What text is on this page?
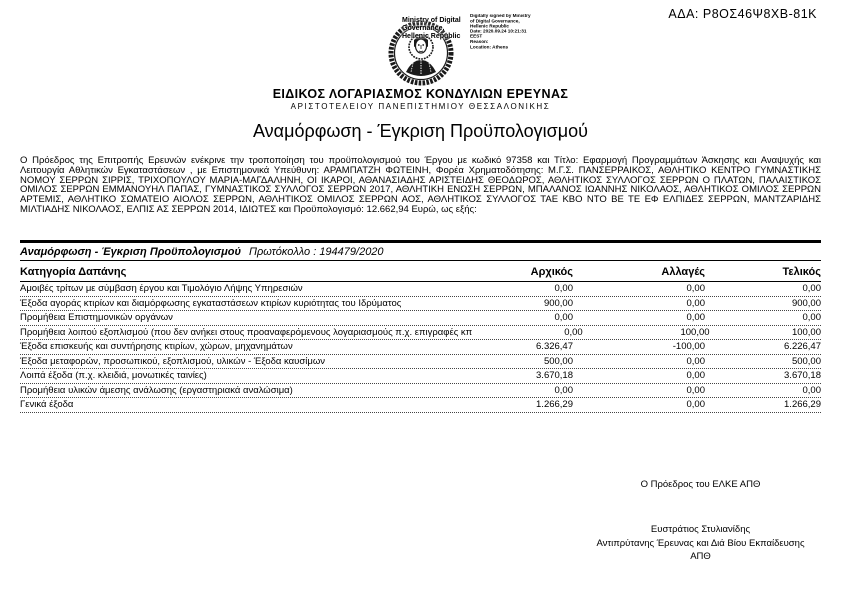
ΑΔΑ: Ρ8ΟΣ46Ψ8ΧΒ-81Κ
Ministry of Digital
Governance,
Hellenic Republic
Digitally signed by Ministry
of Digital Governance,
Hellenic Republic
Date: 2020.09.24 10:21:31
EEST
Reason:
Location: Athens
ΕΙΔΙΚΟΣ ΛΟΓΑΡΙΑΣΜΟΣ ΚΟΝΔΥΛΙΩΝ ΕΡΕΥΝΑΣ
ΑΡΙΣΤΟΤΕΛΕΙΟΥ ΠΑΝΕΠΙΣΤΗΜΙΟΥ ΘΕΣΣΑΛΟΝΙΚΗΣ
Αναμόρφωση - Έγκριση Προϋπολογισμού
Ο Πρόεδρος της Επιτροπής Ερευνών ενέκρινε την τροποποίηση του προϋπολογισμού του Έργου με κωδικό 97358 και Τίτλο: Εφαρμογή Προγραμμάτων Άσκησης και Αναψυχής και Λειτουργία Αθλητικών Εγκαταστάσεων , με Επιστημονικά Υπεύθυνη: ΑΡΑΜΠΑΤΖΗ ΦΩΤΕΙΝΗ, Φορέα Χρηματοδότησης: Μ.Γ.Σ. ΠΑΝΣΕΡΡΑΙΚΟΣ, ΑΘΛΗΤΙΚΟ ΚΕΝΤΡΟ ΓΥΜΝΑΣΤΙΚΗΣ ΝΟΜΟΥ ΣΕΡΡΩΝ ΣΙΡΡΙΣ, ΤΡΙΧΟΠΟΥΛΟΥ ΜΑΡΙΑ-ΜΑΓΔΑΛΗΝΗ, ΟΙ ΙΚΑΡΟΙ, ΑΘΑΝΑΣΙΑΔΗΣ ΑΡΙΣΤΕΙΔΗΣ ΘΕΟΔΩΡΟΣ, ΑΘΛΗΤΙΚΟΣ ΣΥΛΛΟΓΟΣ ΣΕΡΡΩΝ Ο ΠΛΑΤΩΝ, ΠΑΛΑΙΣΤΙΚΟΣ ΟΜΙΛΟΣ ΣΕΡΡΩΝ ΕΜΜΑΝΟΥΗΛ ΠΑΠΑΣ, ΓΥΜΝΑΣΤΙΚΟΣ ΣΥΛΛΟΓΟΣ ΣΕΡΡΩΝ 2017, ΑΘΛΗΤΙΚΗ ΕΝΩΣΗ ΣΕΡΡΩΝ, ΜΠΑΛΑΝΟΣ ΙΩΑΝΝΗΣ ΝΙΚΟΛΑΟΣ, ΑΘΛΗΤΙΚΟΣ ΟΜΙΛΟΣ ΣΕΡΡΩΝ ΑΡΤΕΜΙΣ, ΑΘΛΗΤΙΚΟ ΣΩΜΑΤΕΙΟ ΑΙΟΛΟΣ ΣΕΡΡΩΝ, ΑΘΛΗΤΙΚΟΣ ΟΜΙΛΟΣ ΣΕΡΡΩΝ ΑΟΣ, ΑΘΛΗΤΙΚΟΣ ΣΥΛΛΟΓΟΣ ΤΑΕ ΚΒΟ ΝΤΟ ΒΕ ΤΕ ΕΦ ΕΛΠΙΔΕΣ ΣΕΡΡΩΝ, ΜΑΝΤΖΑΡΙΔΗΣ ΜΙΛΤΙΑΔΗΣ ΝΙΚΟΛΑΟΣ, ΕΛΠΙΣ ΑΣ ΣΕΡΡΩΝ 2014, ΙΔΙΩΤΕΣ και Προϋπολογισμό: 12.662,94 Ευρώ, ως εξής:
Αναμόρφωση - Έγκριση Προϋπολογισμού Πρωτόκολλο : 194479/2020
Κατηγορία Δαπάνης	Αρχικός	Αλλαγές	Τελικός
Αμοιβές τρίτων με σύμβαση έργου και Τιμολόγιο Λήψης Υπηρεσιών	0,00	0,00	0,00
Έξοδα αγοράς κτιρίων και διαμόρφωσης εγκαταστάσεων κτιρίων κυριότητας του Ιδρύματος	900,00	0,00	900,00
Προμήθεια Επιστημονικών οργάνων	0,00	0,00	0,00
Προμήθεια λοιπού εξοπλισμού (που δεν ανήκει στους προαναφερόμενους λογαριασμούς π.χ. επιγραφές κπ	0,00	100,00	100,00
Έξοδα επισκευής και συντήρησης κτιρίων, χώρων, μηχανημάτων	6.326,47	-100,00	6.226,47
Έξοδα μεταφορών, προσωπικού, εξοπλισμού, υλικών - Έξοδα καυσίμων	500,00	0,00	500,00
Λοιπά έξοδα (π.χ. κλειδιά, μονωτικές ταινίες)	3.670,18	0,00	3.670,18
Προμήθεια υλικών άμεσης ανάλωσης (εργαστηριακά αναλώσιμα)	0,00	0,00	0,00
Γενικά έξοδα	1.266,29	0,00	1.266,29
Ο Πρόεδρος του ΕΛΚΕ ΑΠΘ
Ευστράτιος Στυλιανίδης
Αντιπρύτανης Έρευνας και Διά Βίου Εκπαίδευσης
ΑΠΘ
